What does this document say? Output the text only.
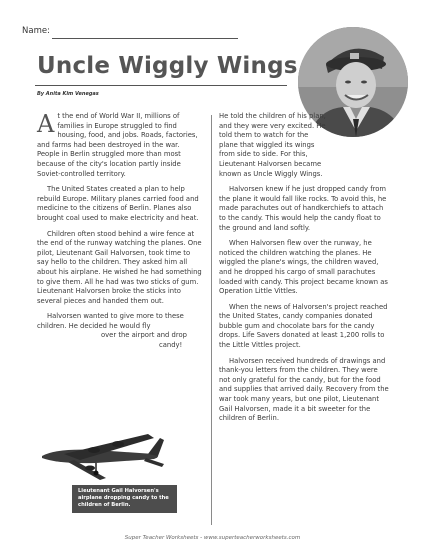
Name:
Uncle Wiggly Wings
By Anita Kim Venegas

At the end of World War II, millions of families in Europe struggled to find housing, food, and jobs. Roads, factories, and farms had been destroyed in the war. People in Berlin struggled more than most because of the city's location partly inside Soviet-controlled territory.

The United States created a plan to help rebuild Europe. Military planes carried food and medicine to the citizens of Berlin. Planes also brought coal used to make electricity and heat.

Children often stood behind a wire fence at the end of the runway watching the planes. One pilot, Lieutenant Gail Halvorsen, took time to say hello to the children. They asked him all about his airplane. He wished he had something to give them. All he had was two sticks of gum. Lieutenant Halvorsen broke the sticks into several pieces and handed them out.

Halvorsen wanted to give more to these children. He decided he would fly
over the airport and drop
candy!

Lieutenant Gail Halvorsen's airplane dropping candy to the children of Berlin.

He told the children of his plan, and they were very excited. He told them to watch for the plane that wiggled its wings from side to side. For this, Lieutenant Halvorsen became known as Uncle Wiggly Wings.

Halvorsen knew if he just dropped candy from the plane it would fall like rocks. To avoid this, he made parachutes out of handkerchiefs to attach to the candy. This would help the candy float to the ground and land softly.

When Halvorsen flew over the runway, he noticed the children watching the planes. He wiggled the plane's wings, the children waved, and he dropped his cargo of small parachutes loaded with candy. This project became known as Operation Little Vittles.

When the news of Halvorsen's project reached the United States, candy companies donated bubble gum and chocolate bars for the candy drops. Life Savers donated at least 1,200 rolls to the Little Vittles project.

Halvorsen received hundreds of drawings and thank-you letters from the children. They were not only grateful for the candy, but for the food and supplies that arrived daily. Recovery from the war took many years, but one pilot, Lieutenant Gail Halvorsen, made it a bit sweeter for the children of Berlin.

Super Teacher Worksheets - www.superteacherworksheets.com
